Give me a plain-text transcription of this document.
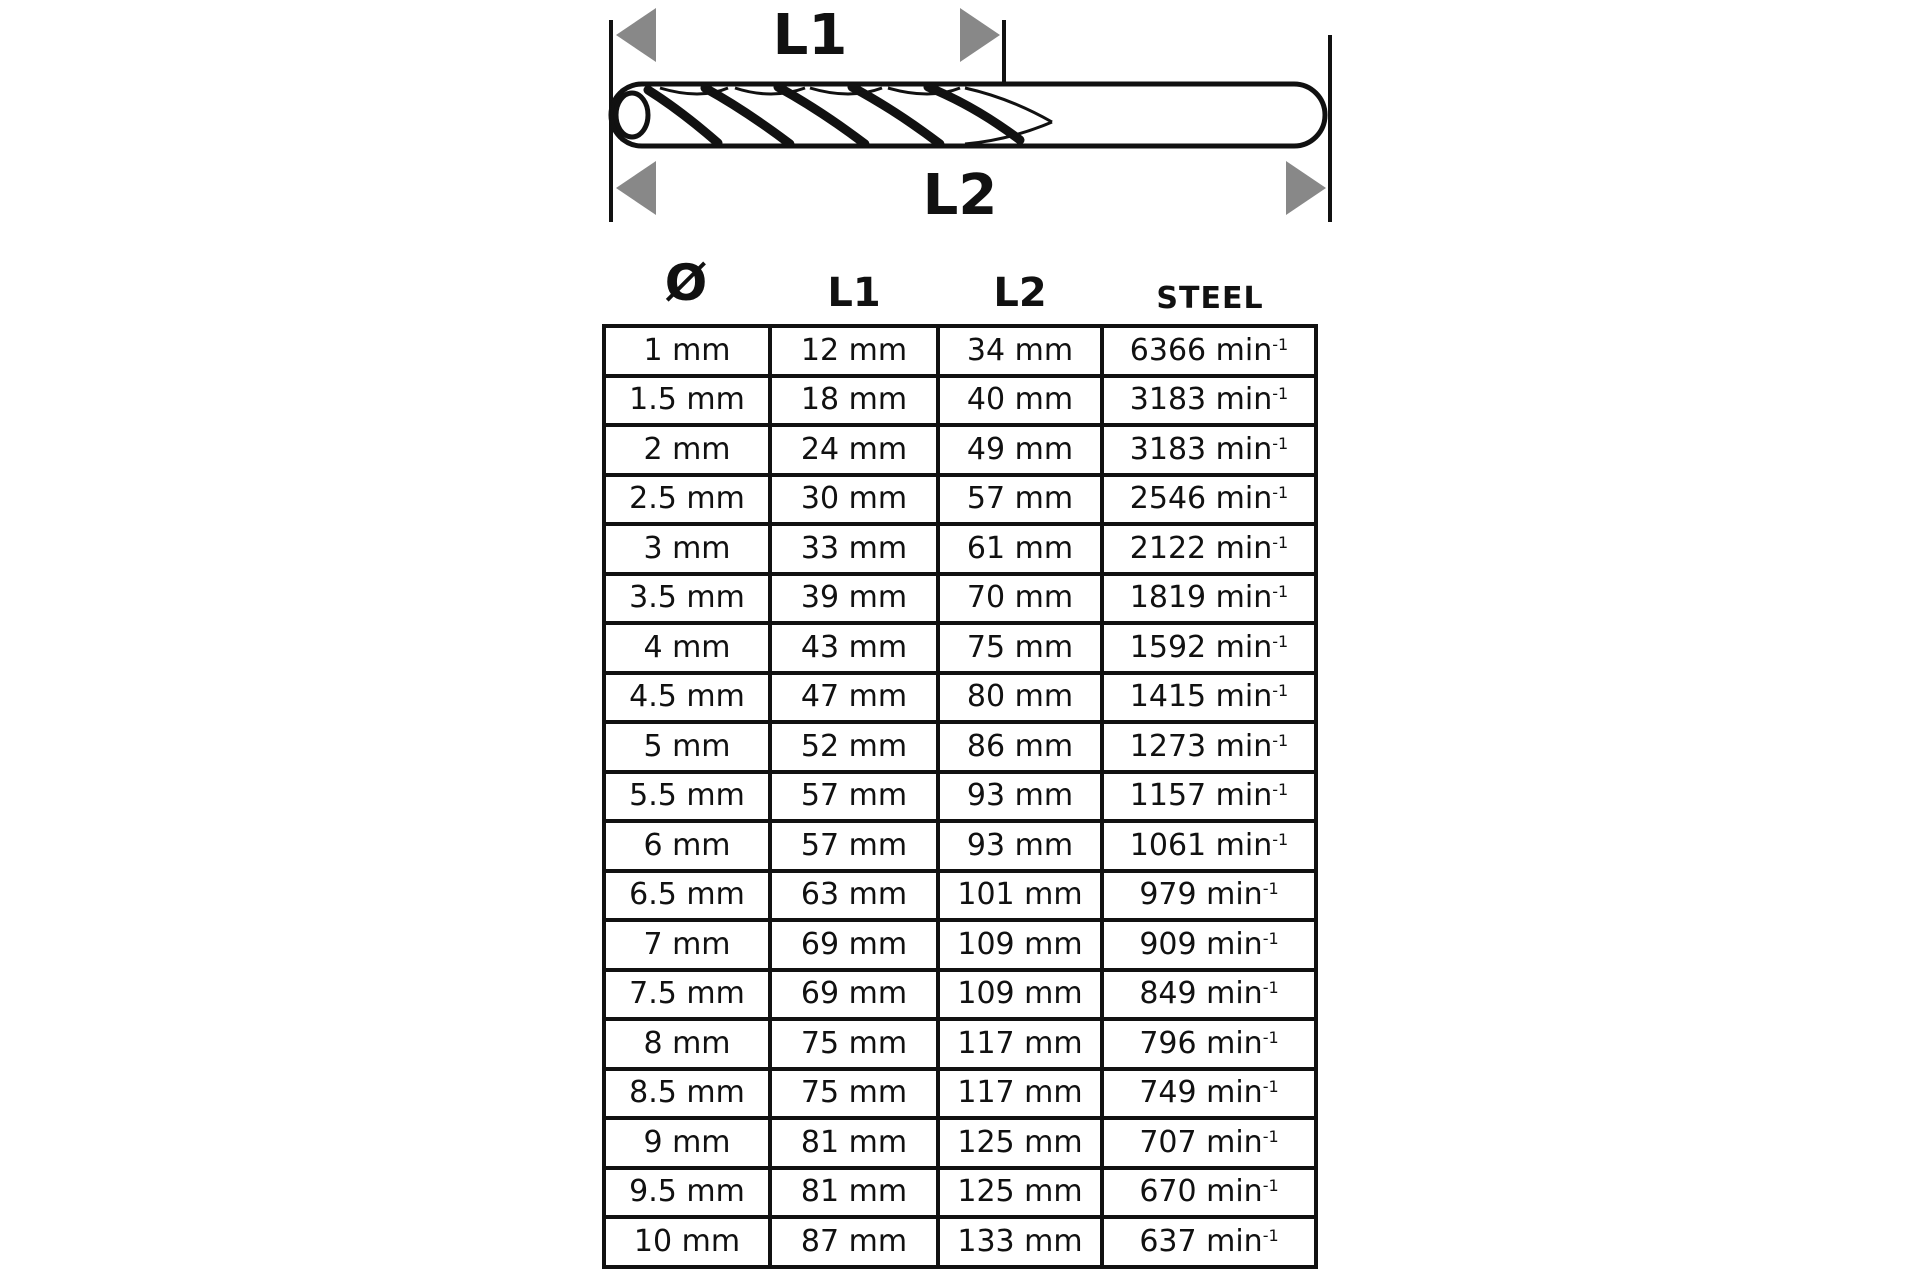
L1
L2
Ø	L1	L2	STEEL
1 mm 12 mm 34 mm 6366 $\min^{-1}$
1.5 mm 18 mm 40 mm 3183 $\min^{-1}$
2 mm 24 mm 49 mm 3183 $\min^{-1}$
2.5 mm 30 mm 57 mm 2546 $\min^{-1}$
3 mm 33 mm 61 mm 2122 $\min^{-1}$
3.5 mm 39 mm 70 mm 1819 $\min^{-1}$
4 mm 43 mm 75 mm 1592 $\min^{-1}$
4.5 mm 47 mm 80 mm 1415 $\min^{-1}$
5 mm 52 mm 86 mm 1273 $\min^{-1}$
5.5 mm 57 mm 93 mm 1157 $\min^{-1}$
6 mm 57 mm 93 mm 1061 $\min^{-1}$
6.5 mm 63 mm 101 mm 979 $\min^{-1}$
7 mm 69 mm 109 mm 909 $\min^{-1}$
7.5 mm 69 mm 109 mm 849 $\min^{-1}$
8 mm 75 mm 117 mm 796 $\min^{-1}$
8.5 mm 75 mm 117 mm 749 $\min^{-1}$
9 mm 81 mm 125 mm 707 $\min^{-1}$
9.5 mm 81 mm 125 mm 670 $\min^{-1}$
10 mm 87 mm 133 mm 637 $\min^{-1}$
